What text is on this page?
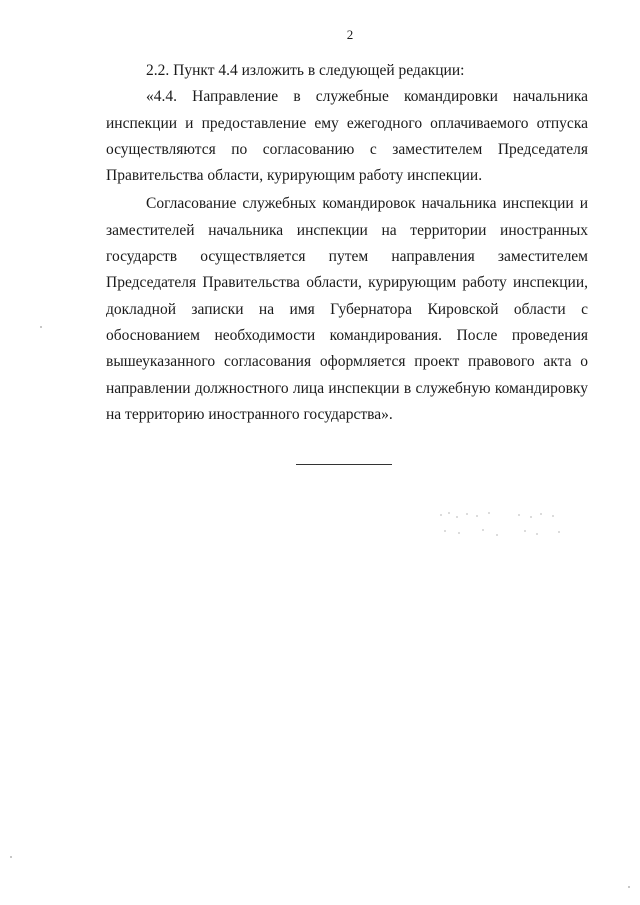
2

2.2. Пункт 4.4 изложить в следующей редакции:

«4.4. Направление в служебные командировки начальника инспекции и предоставление ему ежегодного оплачиваемого отпуска осуществляются по согласованию с заместителем Председателя Правительства области, курирующим работу инспекции.

Согласование служебных командировок начальника инспекции и заместителей начальника инспекции на территории иностранных государств осуществляется путем направления заместителем Председателя Правительства области, курирующим работу инспекции, докладной записки на имя Губернатора Кировской области с обоснованием необходимости командирования. После проведения вышеуказанного согласования оформляется проект правового акта о направлении должностного лица инспекции в служебную командировку на территорию иностранного государства».
